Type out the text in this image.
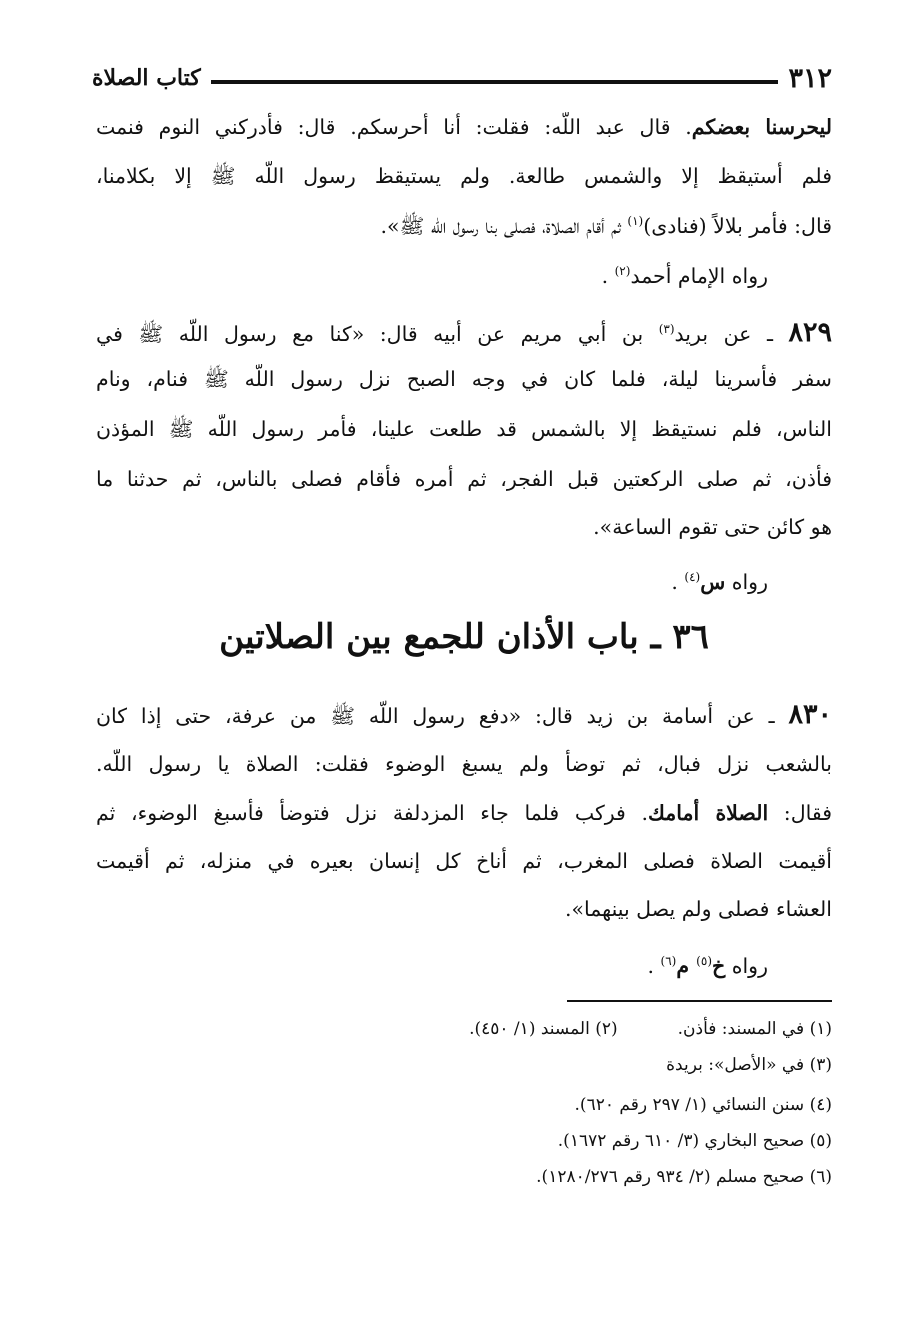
٣١٢
كتاب الصلاة
ليحرسنا بعضكم. قال عبد اللّه: فقلت: أنا أحرسكم. قال: فأدركني النوم فنمت
فلم أستيقظ إلا والشمس طالعة. ولم يستيقظ رسول اللّه ﷺ إلا بكلامنا،
قال: فأمر بلالاً (فنادى)$^{(١)}$ ثم أقام الصلاة، فصلى بنا رسول اللّه ﷺ».
رواه الإمام أحمد$^{(٢)}$ .
٨٢٩ ـ عن بريد$^{(٣)}$ بن أبي مريم عن أبيه قال: «كنا مع رسول اللّه ﷺ في
سفر فأسرينا ليلة، فلما كان في وجه الصبح نزل رسول اللّه ﷺ فنام، ونام
الناس، فلم نستيقظ إلا بالشمس قد طلعت علينا، فأمر رسول اللّه ﷺ المؤذن
فأذن، ثم صلى الركعتين قبل الفجر، ثم أمره فأقام فصلى بالناس، ثم حدثنا ما
هو كائن حتى تقوم الساعة».
رواه س$^{(٤)}$ .
٣٦ ـ باب الأذان للجمع بين الصلاتين
٨٣٠ ـ عن أسامة بن زيد قال: «دفع رسول اللّه ﷺ من عرفة، حتى إذا كان
بالشعب نزل فبال، ثم توضأ ولم يسبغ الوضوء فقلت: الصلاة يا رسول اللّه.
فقال: الصلاة أمامك. فركب فلما جاء المزدلفة نزل فتوضأ فأسبغ الوضوء، ثم
أقيمت الصلاة فصلى المغرب، ثم أناخ كل إنسان بعيره في منزله، ثم أقيمت
العشاء فصلى ولم يصل بينهما».
رواه خ$^{(٥)}$ م$^{(٦)}$ .
(١) في المسند: فأذن.(٢) المسند (١/ ٤٥٠).
(٣) في «الأصل»: بريدة
(٤) سنن النسائي (١/ ٢٩٧ رقم ٦٢٠).
(٥) صحيح البخاري (٣/ ٦١٠ رقم ١٦٧٢).
(٦) صحيح مسلم (٢/ ٩٣٤ رقم ١٢٨٠/٢٧٦).
